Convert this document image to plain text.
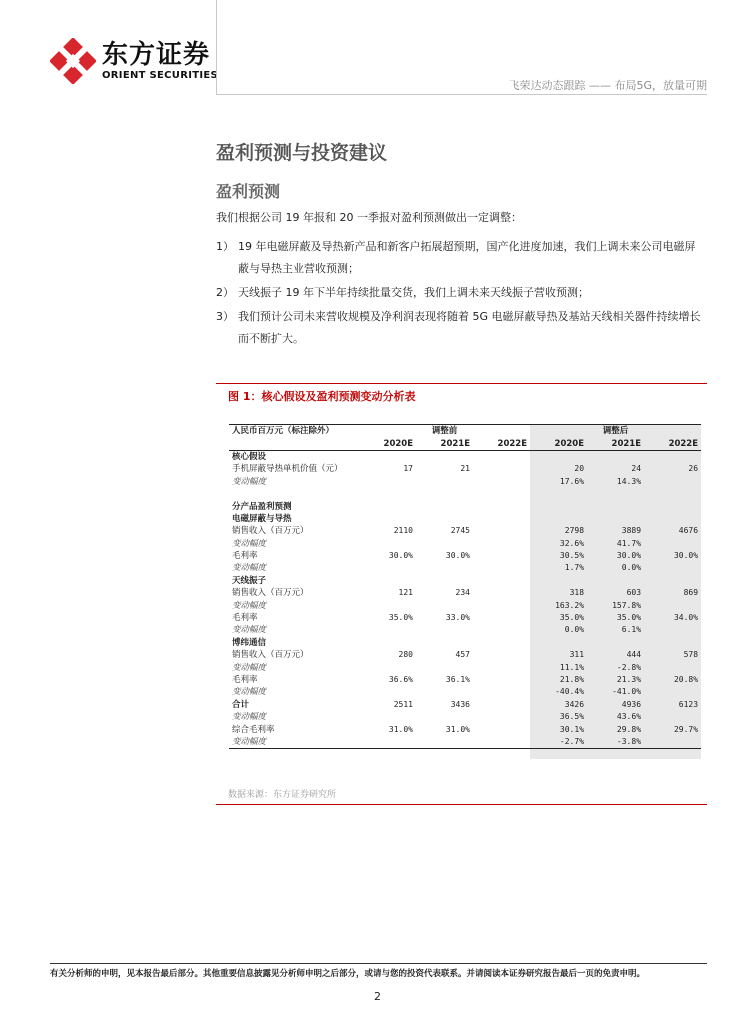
东方证券
ORIENT SECURITIES
飞荣达动态跟踪 —— 布局5G，放量可期
盈利预测与投资建议
盈利预测
我们根据公司 19 年报和 20 一季报对盈利预测做出一定调整：
1） 19 年电磁屏蔽及导热新产品和新客户拓展超预期，国产化进度加速，我们上调未来公司电磁屏蔽与导热主业营收预测；
2） 天线振子 19 年下半年持续批量交货，我们上调未来天线振子营收预测；
3） 我们预计公司未来营收规模及净利润表现将随着 5G 电磁屏蔽导热及基站天线相关器件持续增长而不断扩大。
图 1：核心假设及盈利预测变动分析表
人民币百万元（标注除外）	调整前			调整后		
	2020E	2021E	2022E	2020E	2021E	2022E
核心假设						
手机屏蔽导热单机价值（元）	17	21		20	24	26
变动幅度				17.6%	14.3%	

分产品盈利预测						
电磁屏蔽与导热						
销售收入（百万元）	2110	2745		2798	3889	4676
变动幅度				32.6%	41.7%	
毛利率	30.0%	30.0%		30.5%	30.0%	30.0%
变动幅度				1.7%	0.0%	
天线振子						
销售收入（百万元）	121	234		318	603	869
变动幅度				163.2%	157.8%	
毛利率	35.0%	33.0%		35.0%	35.0%	34.0%
变动幅度				0.0%	6.1%	
博纬通信						
销售收入（百万元）	280	457		311	444	578
变动幅度				11.1%	-2.8%	
毛利率	36.6%	36.1%		21.8%	21.3%	20.8%
变动幅度				-40.4%	-41.0%	
合计	2511	3436		3426	4936	6123
变动幅度				36.5%	43.6%	
综合毛利率	31.0%	31.0%		30.1%	29.8%	29.7%
变动幅度				-2.7%	-3.8%	
数据来源：东方证券研究所
有关分析师的申明，见本报告最后部分。其他重要信息披露见分析师申明之后部分，或请与您的投资代表联系。并请阅读本证券研究报告最后一页的免责申明。
2
